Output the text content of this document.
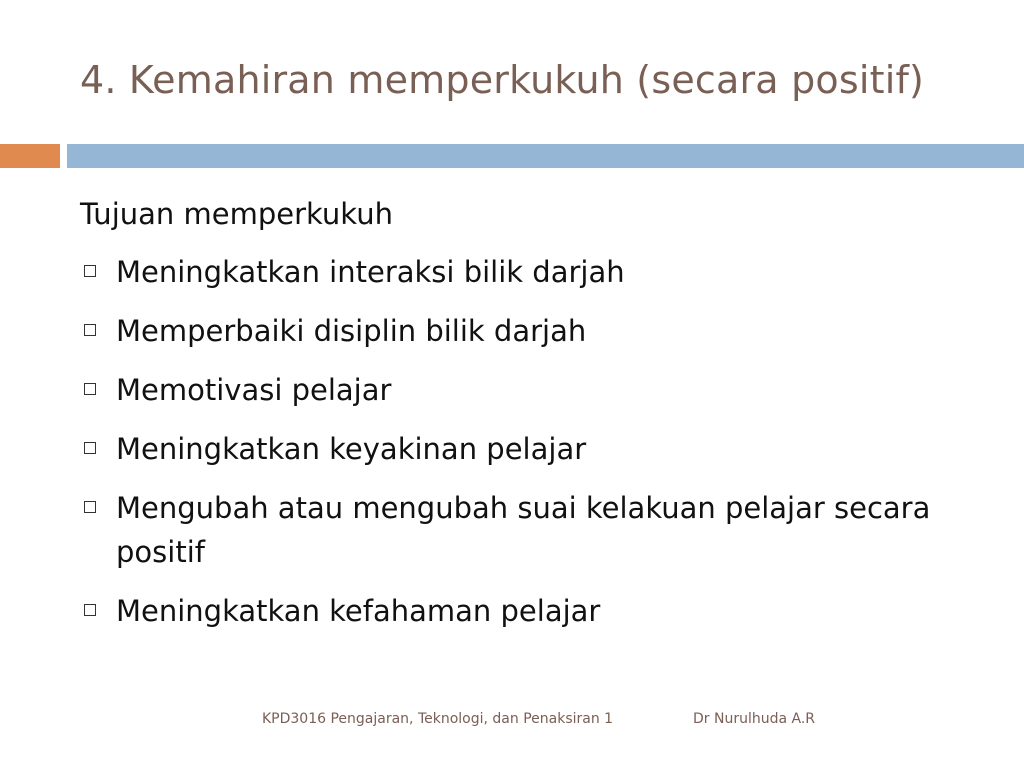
4. Kemahiran memperkukuh (secara positif)

Tujuan memperkukuh

Meningkatkan interaksi bilik darjah
Memperbaiki disiplin bilik darjah
Memotivasi pelajar
Meningkatkan keyakinan pelajar
Mengubah atau mengubah suai kelakuan pelajar secara positif
Meningkatkan kefahaman pelajar
KPD3016 Pengajaran, Teknologi, dan Penaksiran 1	Dr Nurulhuda A.R
